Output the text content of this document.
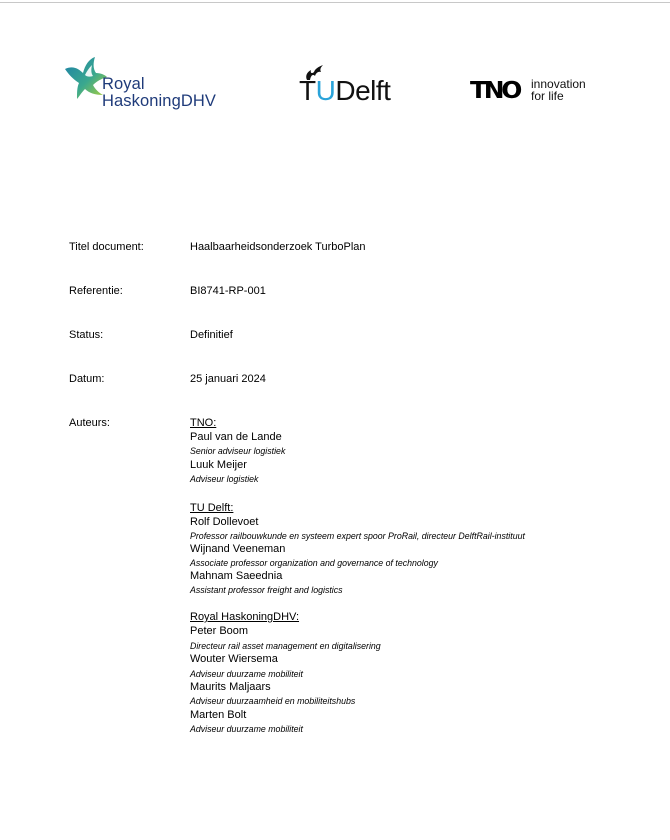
Royal
HaskoningDHV	TUDelft	TNO innovation
for life
Titel document:	Haalbaarheidsonderzoek TurboPlan
Referentie:	BI8741-RP-001
Status:	Definitief
Datum:	25 januari 2024
Auteurs:	TNO:
Paul van de Lande
Senior adviseur logistiek
Luuk Meijer
Adviseur logistiek
TU Delft:
Rolf Dollevoet
Professor railbouwkunde en systeem expert spoor ProRail, directeur DelftRail-instituut
Wijnand Veeneman
Associate professor organization and governance of technology
Mahnam Saeednia
Assistant professor freight and logistics
Royal HaskoningDHV:
Peter Boom
Directeur rail asset management en digitalisering
Wouter Wiersema
Adviseur duurzame mobiliteit
Maurits Maljaars
Adviseur duurzaamheid en mobiliteitshubs
Marten Bolt
Adviseur duurzame mobiliteit
